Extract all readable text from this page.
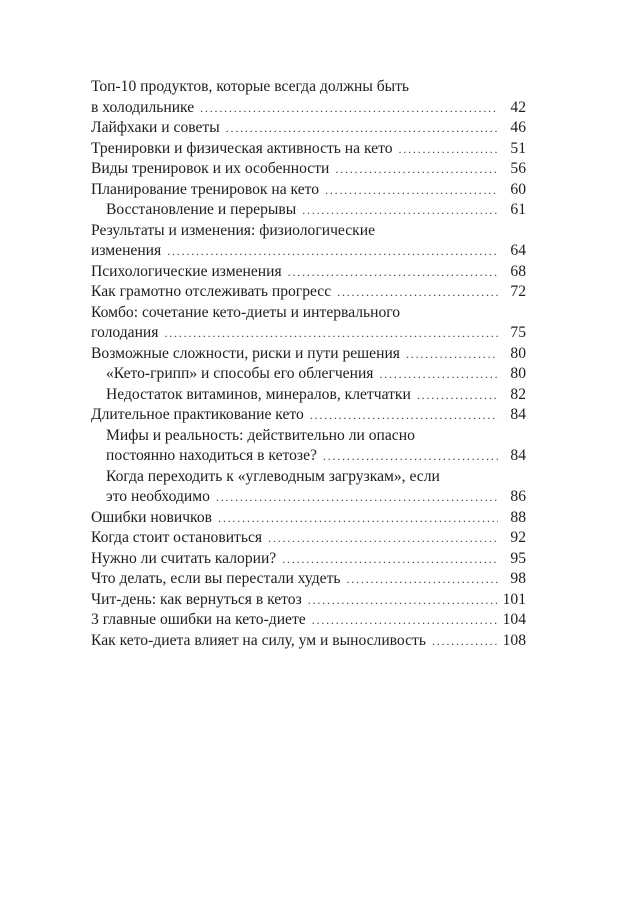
Топ-10 продуктов, которые всегда должны быть
в холодильнике . . .	42
Лайфхаки и советы . . .	46
Тренировки и физическая активность на кето . . .	51
Виды тренировок и их особенности . . .	56
Планирование тренировок на кето . . .	60
Восстановление и перерывы . . .	61
Результаты и изменения: физиологические
изменения . . .	64
Психологические изменения . . .	68
Как грамотно отслеживать прогресс . . .	72
Комбо: сочетание кето-диеты и интервального
голодания . . .	75
Возможные сложности, риски и пути решения . . .	80
«Кето-грипп» и способы его облегчения . . .	80
Недостаток витаминов, минералов, клетчатки . . .	82
Длительное практикование кето . . .	84
Мифы и реальность: действительно ли опасно
постоянно находиться в кетозе? . . .	84
Когда переходить к «углеводным загрузкам», если
это необходимо . . .	86
Ошибки новичков . . .	88
Когда стоит остановиться . . .	92
Нужно ли считать калории? . . .	95
Что делать, если вы перестали худеть . . .	98
Чит-день: как вернуться в кетоз . . .	101
3 главные ошибки на кето-диете . . .	104
Как кето-диета влияет на силу, ум и выносливость . . .	108
